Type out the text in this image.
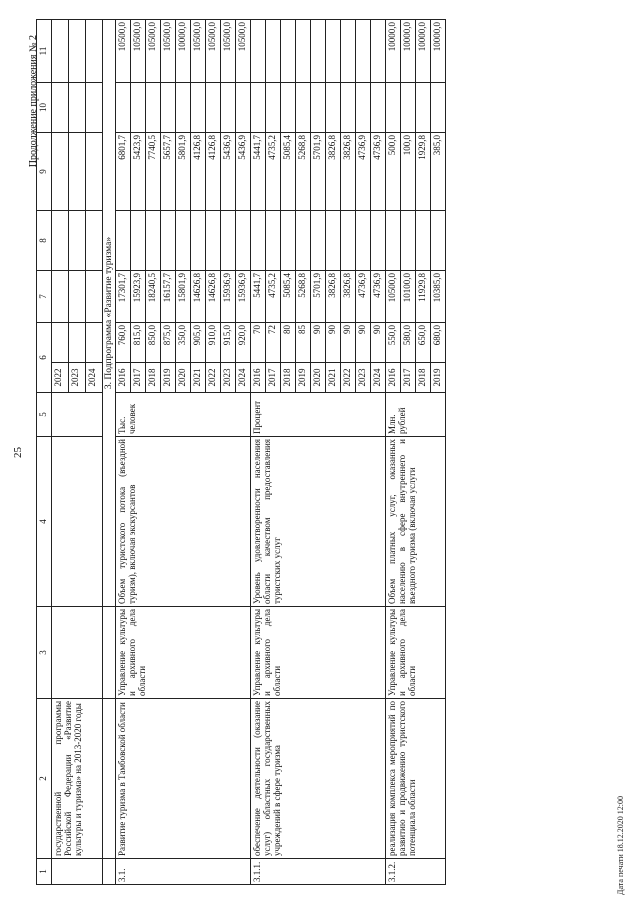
25
Продолжение приложения № 2
1	2	3	4	5	6		7	8	9	10	11
	государственной программы Российской Федерации «Развитие культуры и туризма» на 2013-2020 годы				2022						
					2023						
					2024						
			3. Подпрограмма «Развитие туризма»								
3.1.	Развитие туризма в Тамбовской области	Управление культуры и архивного дела области	Объем туристского потока (въездной туризм), включая экскурсантов	Тыс. человек	2016	760,0	17301,7		6801,7		10500,0
					2017	815,0	15923,9		5423,9		10500,0
					2018	850,0	18240,5		7740,5		10500,0
					2019	875,0	16157,7		5657,7		10500,0
					2020	350,0	15801,9		5801,9		10000,0
					2021	905,0	14626,8		4126,8		10500,0
					2022	910,0	14626,8		4126,8		10500,0
					2023	915,0	15936,9		5436,9		10500,0
					2024	920,0	15936,9		5436,9		10500,0
3.1.1.	обеспечение деятельности (оказание услуг) областных государственных учреждений в сфере туризма	Управление культуры и архивного дела области	Уровень удовлетворенности населения области качеством предоставления туристских услуг	Процент	2016	70	5441,7		5441,7		
					2017	72	4735,2		4735,2		
					2018	80	5085,4		5085,4		
					2019	85	5268,8		5268,8		
					2020	90	5701,9		5701,9		
					2021	90	3826,8		3826,8		
					2022	90	3826,8		3826,8		
					2023	90	4736,9		4736,9		
					2024	90	4736,9		4736,9		
3.1.2.	реализация комплекса мероприятий по развитию и продвижению туристского потенциала области	Управление культуры и архивного дела области	Объем платных услуг, оказанных населению в сфере внутреннего и въездного туризма (включая услуги	Млн. рублей	2016	550,0	10500,0		500,0		10000,0
					2017	580,0	10100,0		100,0		10000,0
					2018	650,0	11929,8		1929,8		10000,0
					2019	680,0	10385,0		385,0		10000,0
Дата печати 18.12.2020 12:00
